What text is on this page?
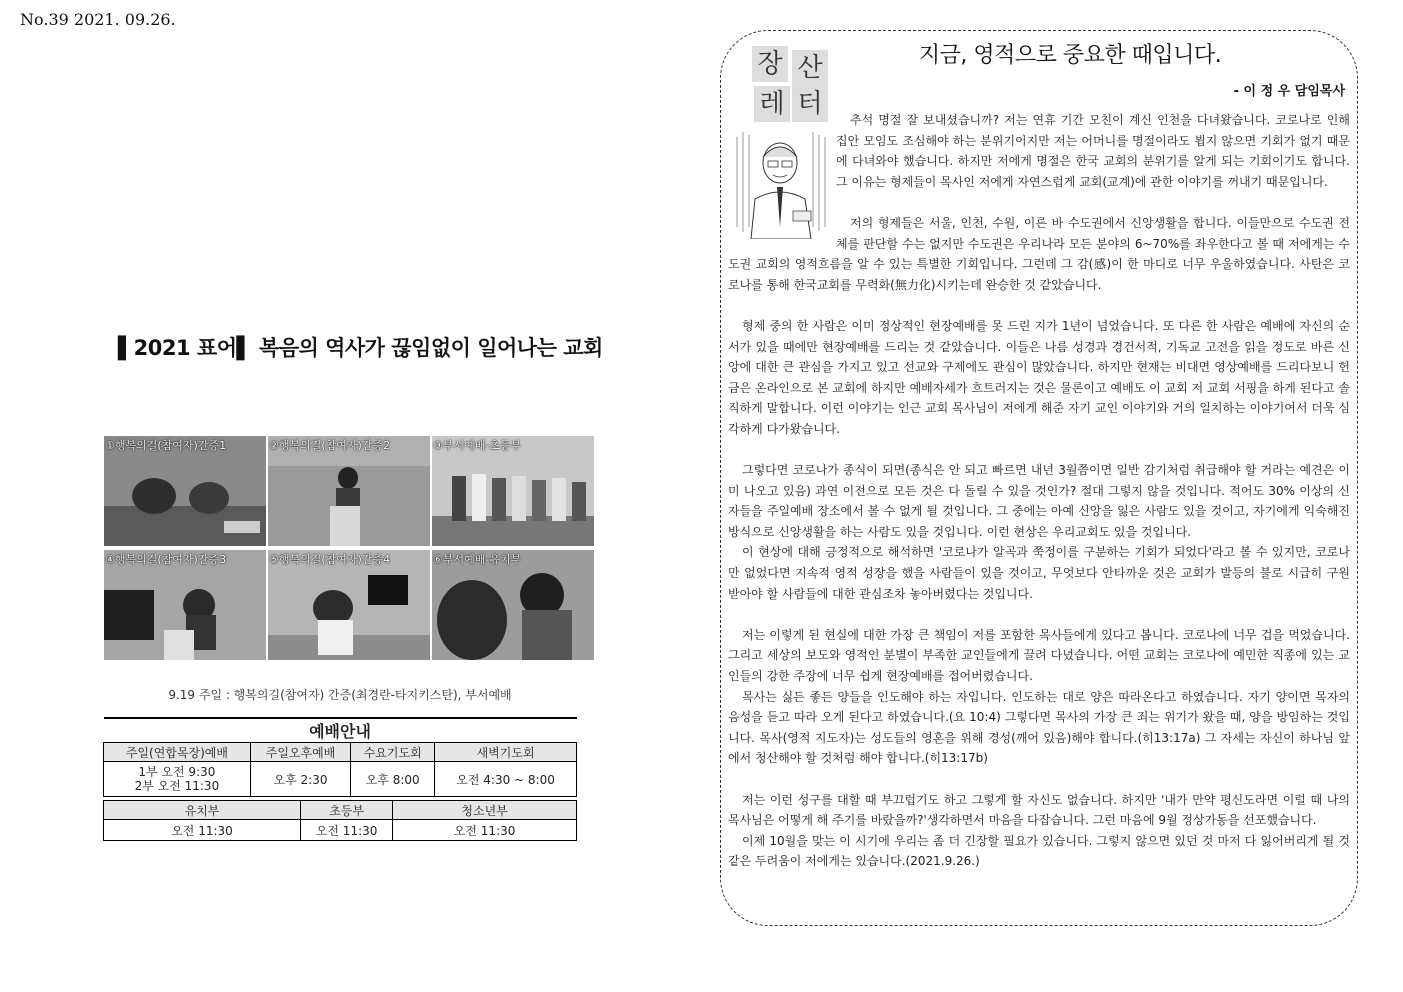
No.39 2021. 09.26.
▌2021 표어▌ 복음의 역사가 끊임없이 일어나는 교회
①행복의길(참여자)간증1	②행복의길(참여자)간증2	③부서예배-초등부
④행복의길(참여자)간증3	⑤행복의길(참여자)간증4	⑥부서예배-유치부
9.19 주일 : 행복의길(참여자) 간증(최경란-타지키스탄), 부서예배
예배안내					
주일(연합목장)예배	주일오후예배		수요기도회		새벽기도회
1부 오전 9:30
2부 오전 11:30	오후 2:30		오후 8:00		오전 4:30 ~ 8:00

유치부		초등부		청소년부	
오전 11:30		오전 11:30		오전 11:30	
장 산
레 터
지금, 영적으로 중요한 때입니다.
- 이 정 우 담임목사

추석 명절 잘 보내셨습니까? 저는 연휴 기간 모친이 계신 인천을 다녀왔습니다. 코로나로 인해 집안 모임도 조심해야 하는 분위기이지만 저는 어머니를 명절이라도 뵙지 않으면 기회가 없기 때문에 다녀와야 했습니다. 하지만 저에게 명절은 한국 교회의 분위기를 알게 되는 기회이기도 합니다. 그 이유는 형제들이 목사인 저에게 자연스럽게 교회(교계)에 관한 이야기를 꺼내기 때문입니다.

저의 형제들은 서울, 인천, 수원, 이른 바 수도권에서 신앙생활을 합니다. 이들만으로 수도권 전체를 판단할 수는 없지만 수도권은 우리나라 모든 분야의 6~70%를 좌우한다고 볼 때 저에게는 수도권 교회의 영적흐름을 알 수 있는 특별한 기회입니다. 그런데 그 감(感)이 한 마디로 너무 우울하였습니다. 사탄은 코로나를 통해 한국교회를 무력화(無力化)시키는데 완승한 것 같았습니다.

형제 중의 한 사람은 이미 정상적인 현장예배를 못 드린 지가 1년이 넘었습니다. 또 다른 한 사람은 예배에 자신의 순서가 있을 때에만 현장예배를 드리는 것 같았습니다. 이들은 나름 성경과 경건서적, 기독교 고전을 읽을 정도로 바른 신앙에 대한 큰 관심을 가지고 있고 선교와 구제에도 관심이 많았습니다. 하지만 현재는 비대면 영상예배를 드리다보니 헌금은 온라인으로 본 교회에 하지만 예배자세가 흐트러지는 것은 물론이고 예배도 이 교회 저 교회 서핑을 하게 된다고 솔직하게 말합니다. 이런 이야기는 인근 교회 목사님이 저에게 해준 자기 교인 이야기와 거의 일치하는 이야기여서 더욱 심각하게 다가왔습니다.

그렇다면 코로나가 종식이 되면(종식은 안 되고 빠르면 내년 3월쯤이면 일반 감기처럼 취급해야 할 거라는 예견은 이미 나오고 있음) 과연 이전으로 모든 것은 다 돌릴 수 있을 것인가? 절대 그렇지 않을 것입니다. 적어도 30% 이상의 신자들을 주일예배 장소에서 볼 수 없게 될 것입니다. 그 중에는 아예 신앙을 잃은 사람도 있을 것이고, 자기에게 익숙해진 방식으로 신앙생활을 하는 사람도 있을 것입니다. 이런 현상은 우리교회도 있을 것입니다.

이 현상에 대해 긍정적으로 해석하면 '코로나가 알곡과 쭉정이를 구분하는 기회가 되었다'라고 볼 수 있지만, 코로나만 없었다면 지속적 영적 성장을 했을 사람들이 있을 것이고, 무엇보다 안타까운 것은 교회가 발등의 불로 시급히 구원 받아야 할 사람들에 대한 관심조차 놓아버렸다는 것입니다.

저는 이렇게 된 현실에 대한 가장 큰 책임이 저를 포함한 목사들에게 있다고 봅니다. 코로나에 너무 겁을 먹었습니다. 그리고 세상의 보도와 영적인 분별이 부족한 교인들에게 끌려 다녔습니다. 어떤 교회는 코로나에 예민한 직종에 있는 교인들의 강한 주장에 너무 쉽게 현장예배를 접어버렸습니다.

목사는 싫든 좋든 양들을 인도해야 하는 자입니다. 인도하는 대로 양은 따라온다고 하였습니다. 자기 양이면 목자의 음성을 듣고 따라 오게 된다고 하였습니다.(요 10:4) 그렇다면 목사의 가장 큰 죄는 위기가 왔을 때, 양을 방임하는 것입니다. 목사(영적 지도자)는 성도들의 영혼을 위해 경성(깨어 있음)해야 합니다.(히13:17a) 그 자세는 자신이 하나님 앞에서 청산해야 할 것처럼 해야 합니다.(히13:17b)

저는 이런 성구를 대할 때 부끄럽기도 하고 그렇게 할 자신도 없습니다. 하지만 '내가 만약 평신도라면 이럴 때 나의 목사님은 어떻게 해 주기를 바랐을까?'생각하면서 마음을 다잡습니다. 그런 마음에 9월 정상가동을 선포했습니다.

이제 10월을 맞는 이 시기에 우리는 좀 더 긴장할 필요가 있습니다. 그렇지 않으면 있던 것 마저 다 잃어버리게 될 것 같은 두려움이 저에게는 있습니다.(2021.9.26.)
